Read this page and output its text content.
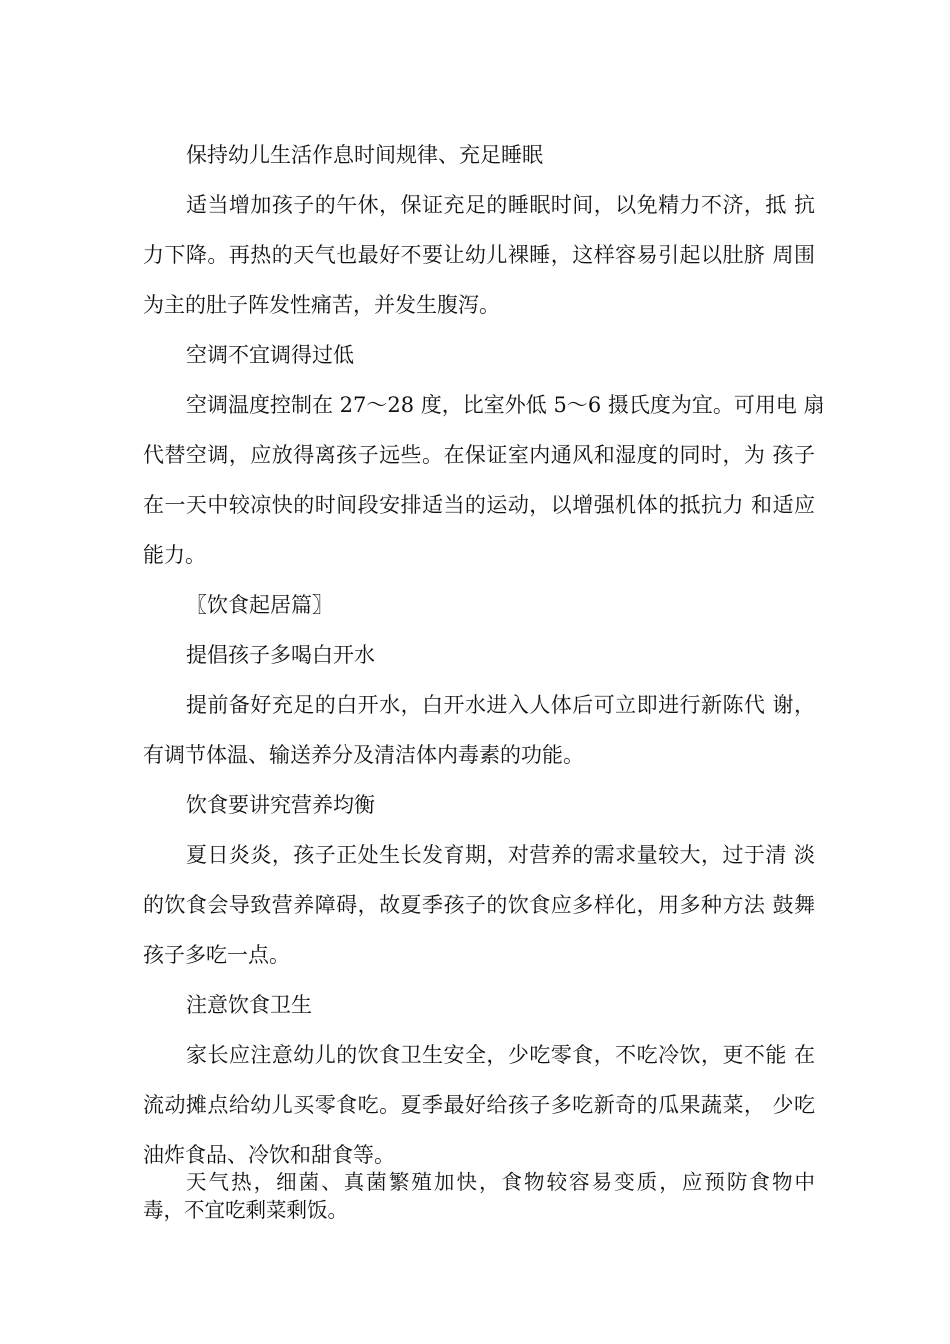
保持幼儿生活作息时间规律、充足睡眠
适当增加孩子的午休，保证充足的睡眠时间，以免精力不济，抵 抗
力下降。再热的天气也最好不要让幼儿裸睡，这样容易引起以肚脐 周围
为主的肚子阵发性痛苦，并发生腹泻。
空调不宜调得过低
空调温度控制在 27〜28 度，比室外低 5〜6 摄氏度为宜。可用电 扇
代替空调，应放得离孩子远些。在保证室内通风和湿度的同时，为 孩子
在一天中较凉快的时间段安排适当的运动，以增强机体的抵抗力 和适应
能力。
〖饮食起居篇〗
提倡孩子多喝白开水
提前备好充足的白开水，白开水进入人体后可立即进行新陈代 谢，
有调节体温、输送养分及清洁体内毒素的功能。
饮食要讲究营养均衡
夏日炎炎，孩子正处生长发育期，对营养的需求量较大，过于清 淡
的饮食会导致营养障碍，故夏季孩子的饮食应多样化，用多种方法 鼓舞
孩子多吃一点。
注意饮食卫生
家长应注意幼儿的饮食卫生安全，少吃零食，不吃冷饮，更不能 在
流动摊点给幼儿买零食吃。夏季最好给孩子多吃新奇的瓜果蔬菜， 少吃
油炸食品、冷饮和甜食等。
天气热，细菌、真菌繁殖加快，食物较容易变质，应预防食物中
毒，不宜吃剩菜剩饭。
